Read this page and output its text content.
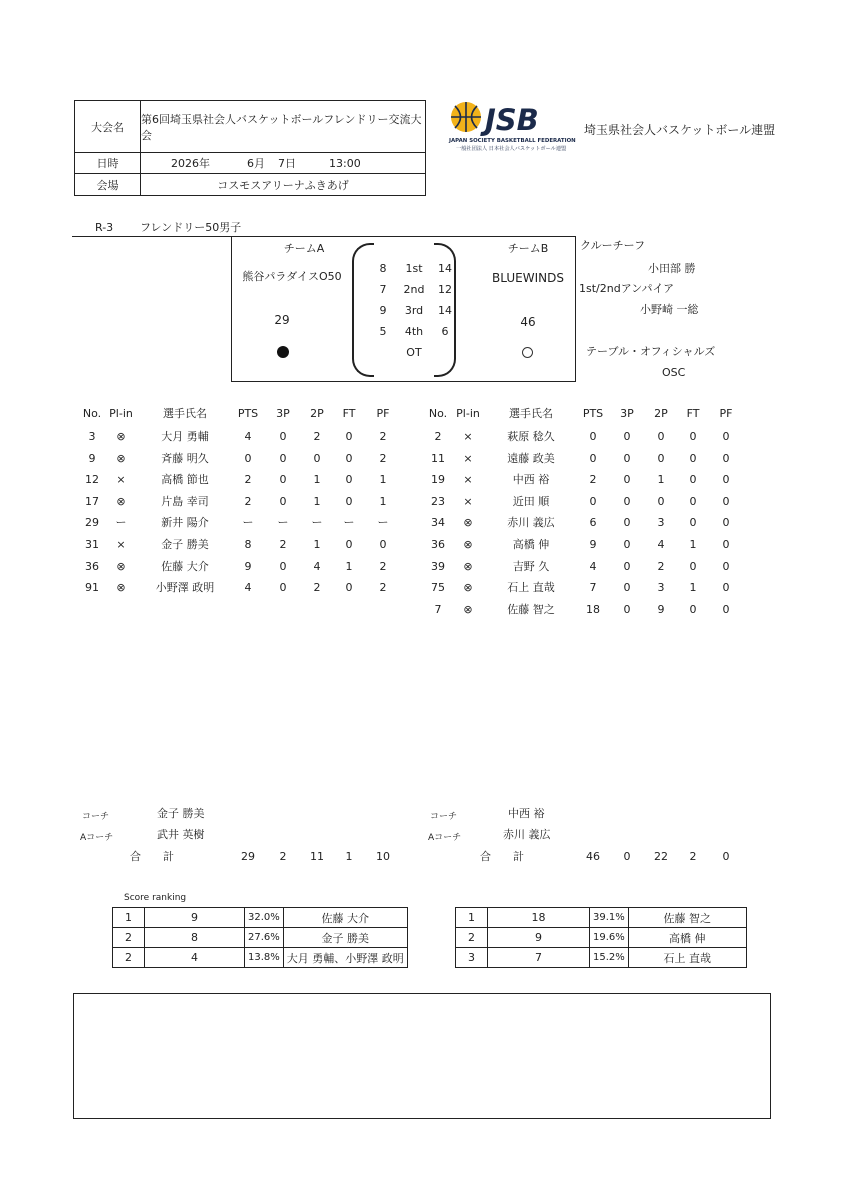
大会名
第6回埼玉県社会人バスケットボールフレンドリー交流大会
日時	2026年	6月 7日	13:00
会場	コスモスアリーナふきあげ
JSB
JAPAN SOCIETY BASKETBALL FEDERATION
一般社団法人 日本社会人バスケットボール連盟
埼玉県社会人バスケットボール連盟
R-3 フレンドリー50男子
チームA
熊谷パラダイスO50
29
8	1st	14
7	2nd	12
9	3rd	14
5	4th	6
OT
チームB
BLUEWINDS
46
クルーチーフ
小田部 勝
1st/2ndアンパイア
小野崎 一総
テーブル・オフィシャルズ
OSC
No. Pl-in	選手氏名	PTS	3P	2P	FT	PF	No. Pl-in	選手氏名	PTS	3P	2P	FT	PF
3	⊗	大月 勇輔	4	0	2	0	2
9	⊗	斉藤 明久	0	0	0	0	2
12	×	高橋 節也	2	0	1	0	1
17	⊗	片島 幸司	2	0	1	0	1
29	ー	新井 陽介	ー	ー	ー	ー	ー
31	×	金子 勝美	8	2	1	0	0
36	⊗	佐藤 大介	9	0	4	1	2
91	⊗	小野澤 政明	4	0	2	0	2
2	×	萩原 稔久	0	0	0	0	0
11	×	遠藤 政美	0	0	0	0	0
19	×	中西 裕	2	0	1	0	0
23	×	近田 順	0	0	0	0	0
34	⊗	赤川 義広	6	0	3	0	0
36	⊗	高橋 伸	9	0	4	1	0
39	⊗	吉野 久	4	0	2	0	0
75	⊗	石上 直哉	7	0	3	1	0
7	⊗	佐藤 智之	18	0	9	0	0
コーチ	金子 勝美
Aコーチ	武井 英樹
合　　計	29	2	11	1	10
コーチ	中西 裕
Aコーチ	赤川 義広
合　　計	46	0	22	2	0
Score ranking
1	9	32.0%	佐藤 大介
2	8	27.6%	金子 勝美
2	4	13.8%	大月 勇輔、小野澤 政明
1	18	39.1%	佐藤 智之
2	9	19.6%	高橋 伸
3	7	15.2%	石上 直哉
